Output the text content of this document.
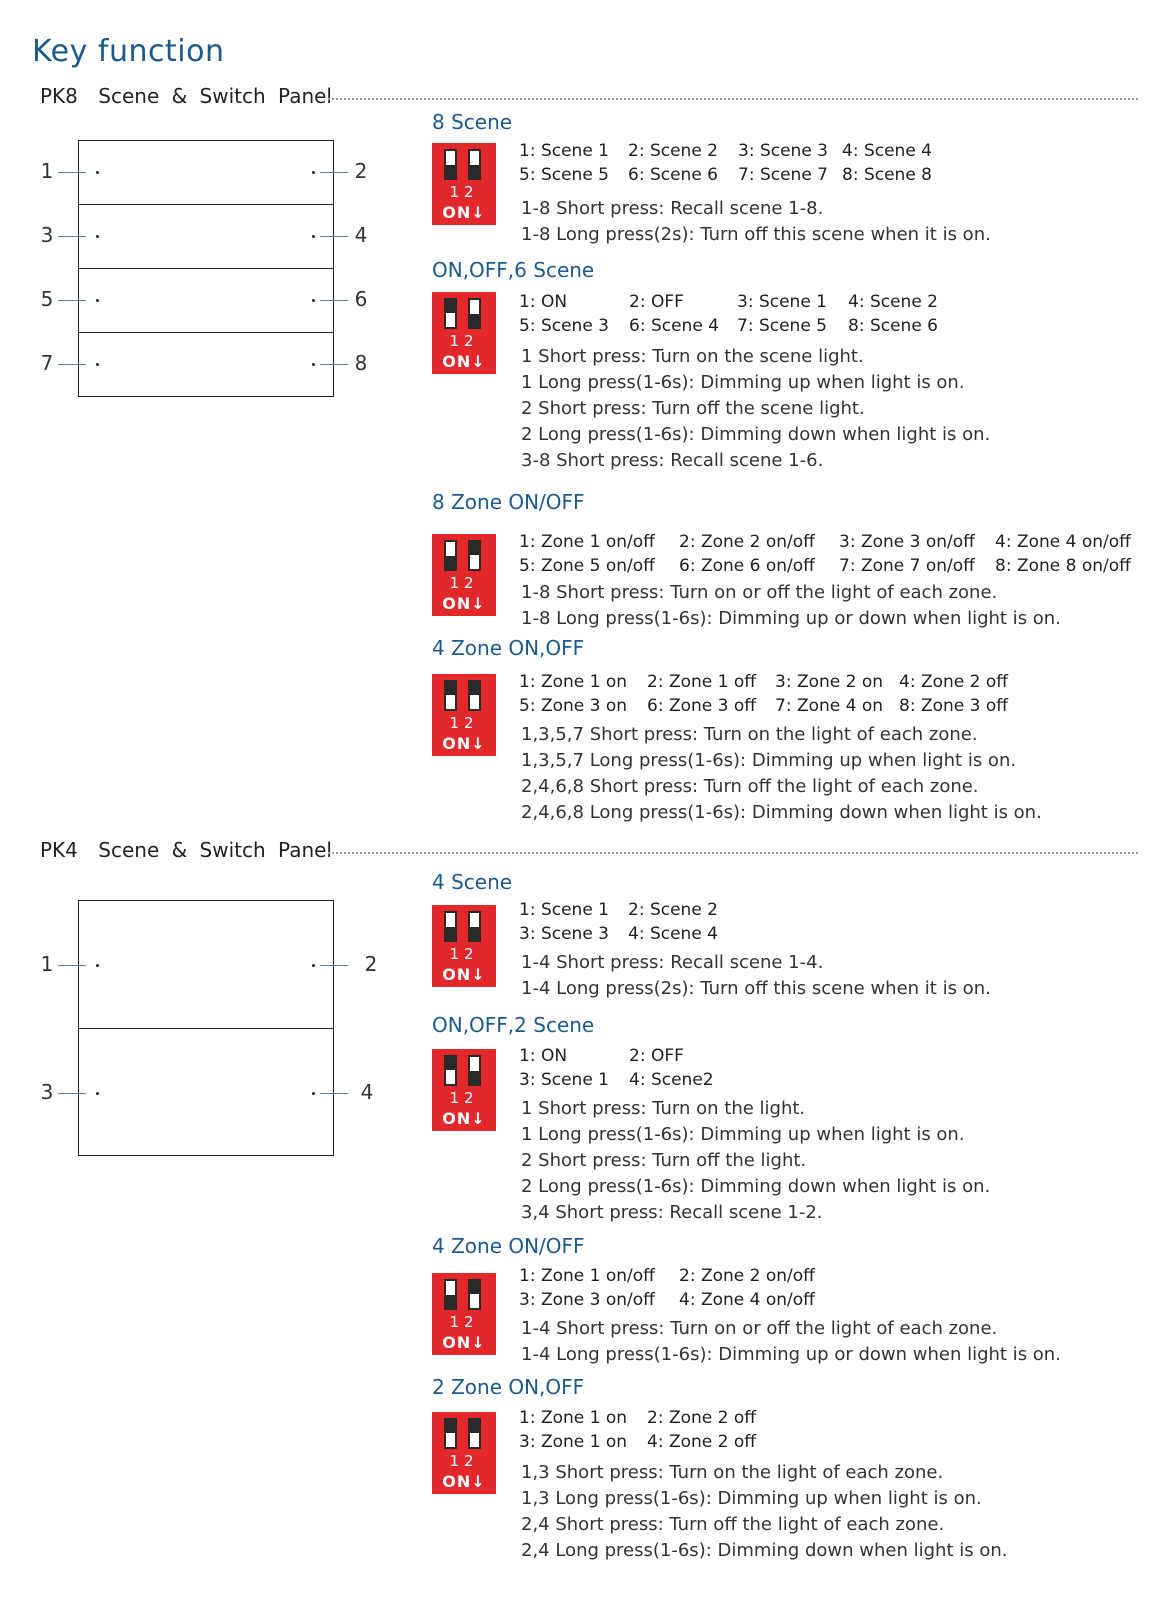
Key function
PK8 Scene & Switch Panel
1	2
3	4
5	6
7	8
8 Scene
12
ON↓
1: Scene 1 2: Scene 2 3: Scene 3 4: Scene 4
5: Scene 5 6: Scene 6 7: Scene 7 8: Scene 8
1-8 Short press: Recall scene 1-8.
1-8 Long press(2s): Turn off this scene when it is on.
ON,OFF,6 Scene
12
ON↓
1: ON	2: OFF	3: Scene 1 4: Scene 2
5: Scene 3 6: Scene 4 7: Scene 5 8: Scene 6
1 Short press: Turn on the scene light.
1 Long press(1-6s): Dimming up when light is on.
2 Short press: Turn off the scene light.
2 Long press(1-6s): Dimming down when light is on.
3-8 Short press: Recall scene 1-6.
8 Zone ON/OFF
12
ON↓
1: Zone 1 on/off 2: Zone 2 on/off 3: Zone 3 on/off 4: Zone 4 on/off
5: Zone 5 on/off 6: Zone 6 on/off 7: Zone 7 on/off 8: Zone 8 on/off
1-8 Short press: Turn on or off the light of each zone.
1-8 Long press(1-6s): Dimming up or down when light is on.
4 Zone ON,OFF
12
ON↓
1: Zone 1 on 2: Zone 1 off 3: Zone 2 on 4: Zone 2 off
5: Zone 3 on 6: Zone 3 off 7: Zone 4 on 8: Zone 3 off
1,3,5,7 Short press: Turn on the light of each zone.
1,3,5,7 Long press(1-6s): Dimming up when light is on.
2,4,6,8 Short press: Turn off the light of each zone.
2,4,6,8 Long press(1-6s): Dimming down when light is on.
PK4 Scene & Switch Panel
1	2
3	4
4 Scene
12
ON↓
1: Scene 1 2: Scene 2
3: Scene 3 4: Scene 4
1-4 Short press: Recall scene 1-4.
1-4 Long press(2s): Turn off this scene when it is on.
ON,OFF,2 Scene
12
ON↓
1: ON	2: OFF
3: Scene 1 4: Scene2
1 Short press: Turn on the light.
1 Long press(1-6s): Dimming up when light is on.
2 Short press: Turn off the light.
2 Long press(1-6s): Dimming down when light is on.
3,4 Short press: Recall scene 1-2.
4 Zone ON/OFF
12
ON↓
1: Zone 1 on/off 2: Zone 2 on/off
3: Zone 3 on/off 4: Zone 4 on/off
1-4 Short press: Turn on or off the light of each zone.
1-4 Long press(1-6s): Dimming up or down when light is on.
2 Zone ON,OFF
12
ON↓
1: Zone 1 on 2: Zone 2 off
3: Zone 1 on 4: Zone 2 off
1,3 Short press: Turn on the light of each zone.
1,3 Long press(1-6s): Dimming up when light is on.
2,4 Short press: Turn off the light of each zone.
2,4 Long press(1-6s): Dimming down when light is on.
